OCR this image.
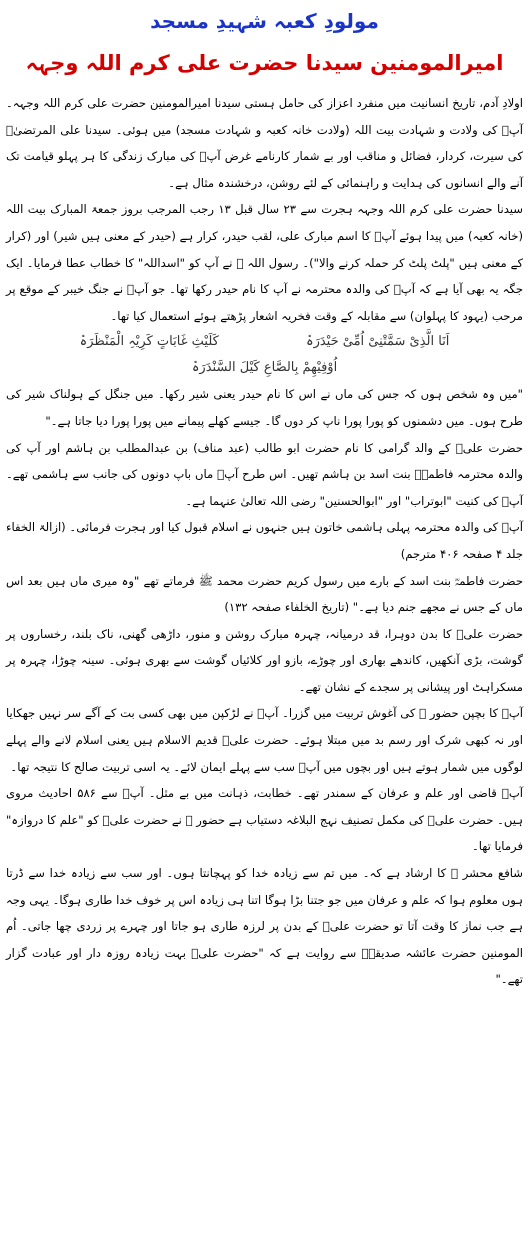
مولودِ کعبہ شہیدِ مسجد
امیرالمومنین سیدنا حضرت علی کرم اللہ وجہہ

اولادِ آدم، تاریخ انسانیت میں منفرد اعزاز کی حامل ہستی سیدنا امیرالمومنین حضرت علی کرم اللہ وجہہ۔ آپؓ کی ولادت و شہادت بیت اللہ (ولادت خانہ کعبہ و شہادت مسجد) میں ہوئی۔ سیدنا علی المرتضیٰؓ کی سیرت، کردار، فضائل و مناقب اور بے شمار کارنامے غرض آپؓ کی مبارک زندگی کا ہر پہلو قیامت تک آنے والے انسانوں کی ہدایت و راہنمائی کے لئے روشن، درخشندہ مثال ہے۔

سیدنا حضرت علی کرم اللہ وجہہ ہجرت سے ۲۳ سال قبل ۱۳ رجب المرجب بروز جمعۃ المبارک بیت اللہ (خانہ کعبہ) میں پیدا ہوئے آپؓ کا اسم مبارک علی، لقب حیدر، کرار ہے (حیدر کے معنی ہیں شیر) اور (کرار کے معنی ہیں "پلٹ پلٹ کر حملہ کرنے والا")۔ رسول اللہ ﷺ نے آپ کو "اسداللہ" کا خطاب عطا فرمایا۔ ایک جگہ یہ بھی آیا ہے کہ آپؓ کی والدہ محترمہ نے آپ کا نام حیدر رکھا تھا۔ جو آپؓ نے جنگ خیبر کے موقع پر مرحب (یہود کا پہلوان) سے مقابلہ کے وقت فخریہ اشعار پڑھتے ہوئے استعمال کیا تھا۔

اَنَا الَّذِیْ سَمَّتْنِیْ اُمِّیْ حَیْدَرَہْ
کَلَیْثِ غَابَاتٍ کَرِیْہِ الْمَنْظَرَہْ
اُوْفِیْھِمْ بِالصَّاعِ کَیْلَ السَّنْدَرَہْ

"میں وہ شخص ہوں کہ جس کی ماں نے اس کا نام حیدر یعنی شیر رکھا۔ میں جنگل کے ہولناک شیر کی طرح ہوں۔ میں دشمنوں کو پورا پورا ناپ کر دوں گا۔ جیسے کھلے پیمانے میں پورا پورا دیا جاتا ہے۔"

حضرت علیؓ کے والد گرامی کا نام حضرت ابو طالب (عبد مناف) بن عبدالمطلب بن ہاشم اور آپ کی والدہ محترمہ فاطمہؓ بنت اسد بن ہاشم تھیں۔ اس طرح آپؓ ماں باپ دونوں کی جانب سے ہاشمی تھے۔ آپؓ کی کنیت "ابوتراب" اور "ابوالحسنین" رضی اللہ تعالیٰ عنہما ہے۔

آپؓ کی والدہ محترمہ پہلی ہاشمی خاتون ہیں جنہوں نے اسلام قبول کیا اور ہجرت فرمائی۔ (ازالۃ الخفاء جلد ۴ صفحہ ۴۰۶ مترجم)

حضرت فاطمہؓ بنت اسد کے بارے میں رسول کریم حضرت محمد ﷺ فرماتے تھے "وہ میری ماں ہیں بعد اس ماں کے جس نے مجھے جنم دیا ہے۔" (تاریخ الخلفاء صفحہ ۱۳۲)

حضرت علیؓ کا بدن دوہرا، قد درمیانہ، چہرہ مبارک روشن و منور، داڑھی گھنی، ناک بلند، رخساروں پر گوشت، بڑی آنکھیں، کاندھے بھاری اور چوڑے، بازو اور کلائیاں گوشت سے بھری ہوئی۔ سینہ چوڑا، چہرہ پر مسکراہٹ اور پیشانی پر سجدے کے نشان تھے۔

آپؓ کا بچپن حضور ﷺ کی آغوش تربیت میں گزرا۔ آپؓ نے لڑکپن میں بھی کسی بت کے آگے سر نہیں جھکایا اور نہ کبھی شرک اور رسم بد میں مبتلا ہوئے۔ حضرت علیؓ قدیم الاسلام ہیں یعنی اسلام لانے والے پہلے لوگوں میں شمار ہوتے ہیں اور بچوں میں آپؓ سب سے پہلے ایمان لائے۔ یہ اسی تربیت صالح کا نتیجہ تھا۔

آپؓ قاضی اور علم و عرفان کے سمندر تھے۔ خطابت، ذہانت میں بے مثل۔ آپؓ سے ۵۸۶ احادیث مروی ہیں۔ حضرت علیؓ کی مکمل تصنیف نہج البلاغہ دستیاب ہے حضور ﷺ نے حضرت علیؓ کو "علم کا دروازہ" فرمایا تھا۔

شافع محشر ﷺ کا ارشاد ہے کہ۔ میں تم سے زیادہ خدا کو پہچانتا ہوں۔ اور سب سے زیادہ خدا سے ڈرتا ہوں معلوم ہوا کہ علم و عرفان میں جو جتنا بڑا ہوگا اتنا ہی زیادہ اس پر خوف خدا طاری ہوگا۔ یہی وجہ ہے جب نماز کا وقت آتا تو حضرت علیؓ کے بدن پر لرزہ طاری ہو جاتا اور چہرے پر زردی چھا جاتی۔ اُم المومنین حضرت عائشہ صدیقہؓ سے روایت ہے کہ "حضرت علیؓ بہت زیادہ روزہ دار اور عبادت گزار تھے۔"
